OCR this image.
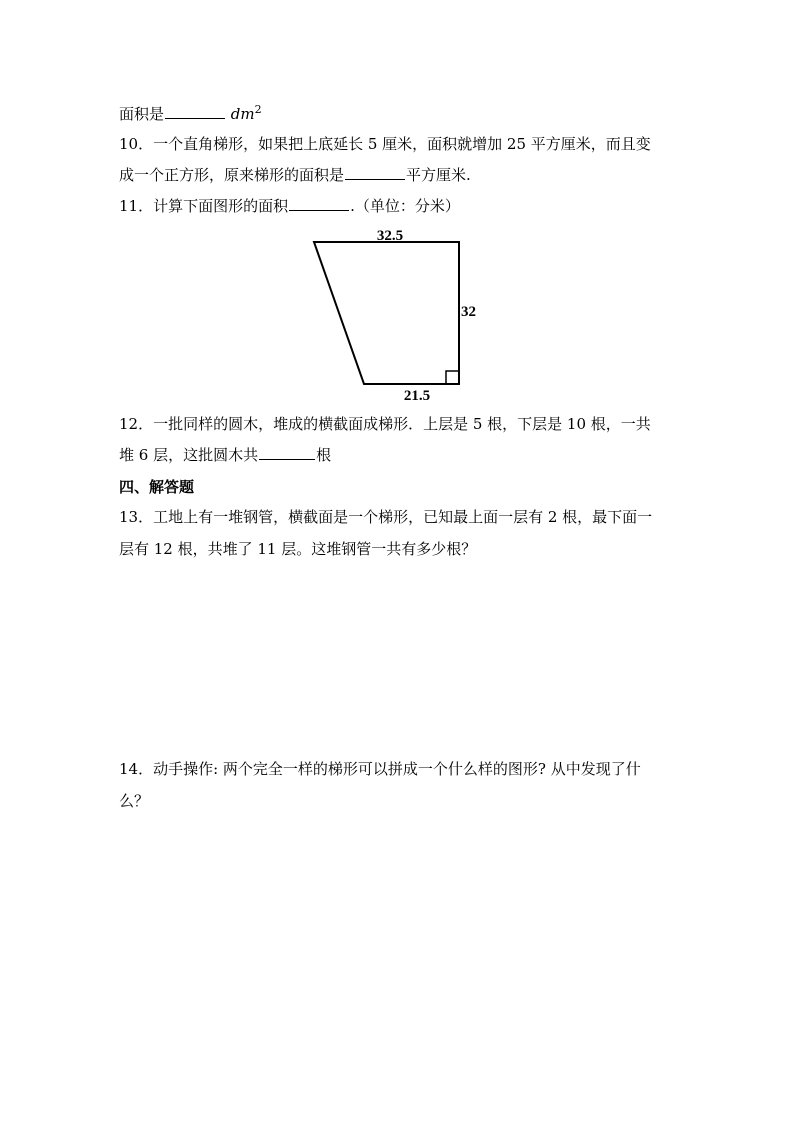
面积是	$dm^2$
10．一个直角梯形，如果把上底延长 5 厘米，面积就增加 25 平方厘米，而且变
成一个正方形，原来梯形的面积是	平方厘米.
11．计算下面图形的面积	.（单位：分米）
32.5
32
21.5
12．一批同样的圆木，堆成的横截面成梯形．上层是 5 根，下层是 10 根，一共
堆 6 层，这批圆木共	根
四、解答题
13．工地上有一堆钢管，横截面是一个梯形，已知最上面一层有 2 根，最下面一
层有 12 根，共堆了 11 层。这堆钢管一共有多少根？
14．动手操作: 两个完全一样的梯形可以拼成一个什么样的图形? 从中发现了什
么？
